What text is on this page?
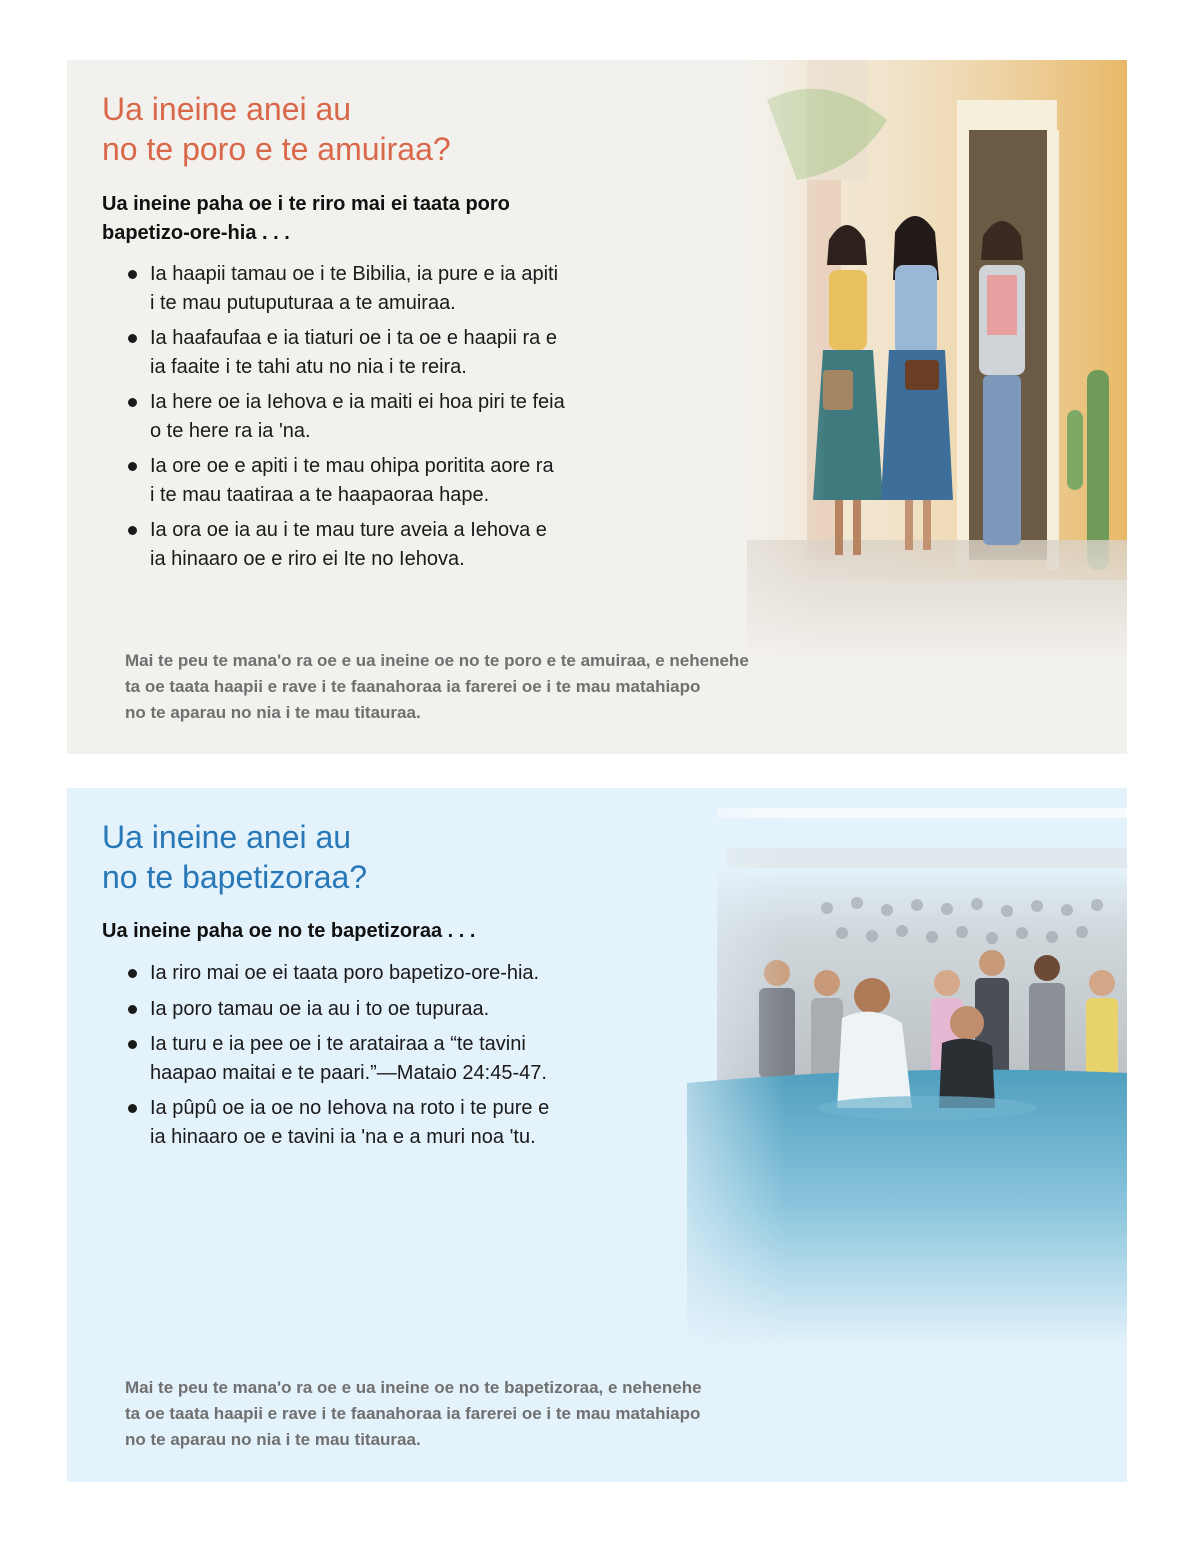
Ua ineine anei au
no te poro e te amuiraa?

Ua ineine paha oe i te riro mai ei taata poro
bapetizo-ore-hia . . .

Ia haapii tamau oe i te Bibilia, ia pure e ia apiti
i te mau putuputuraa a te amuiraa.
Ia haafaufaa e ia tiaturi oe i ta oe e haapii ra e
ia faaite i te tahi atu no nia i te reira.
Ia here oe ia Iehova e ia maiti ei hoa piri te feia
o te here ra ia 'na.
Ia ore oe e apiti i te mau ohipa poritita aore ra
i te mau taatiraa a te haapaoraa hape.
Ia ora oe ia au i te mau ture aveia a Iehova e
ia hinaaro oe e riro ei Ite no Iehova.

Mai te peu te mana'o ra oe e ua ineine oe no te poro e te amuiraa, e nehenehe
ta oe taata haapii e rave i te faanahoraa ia farerei oe i te mau matahiapo
no te aparau no nia i te mau titauraa.

Ua ineine anei au
no te bapetizoraa?

Ua ineine paha oe no te bapetizoraa . . .

Ia riro mai oe ei taata poro bapetizo-ore-hia.
Ia poro tamau oe ia au i to oe tupuraa.
Ia turu e ia pee oe i te aratairaa a “te tavini
haapao maitai e te paari.”—Mataio 24:45-47.
Ia pûpû oe ia oe no Iehova na roto i te pure e
ia hinaaro oe e tavini ia 'na e a muri noa 'tu.

Mai te peu te mana'o ra oe e ua ineine oe no te bapetizoraa, e nehenehe
ta oe taata haapii e rave i te faanahoraa ia farerei oe i te mau matahiapo
no te aparau no nia i te mau titauraa.
